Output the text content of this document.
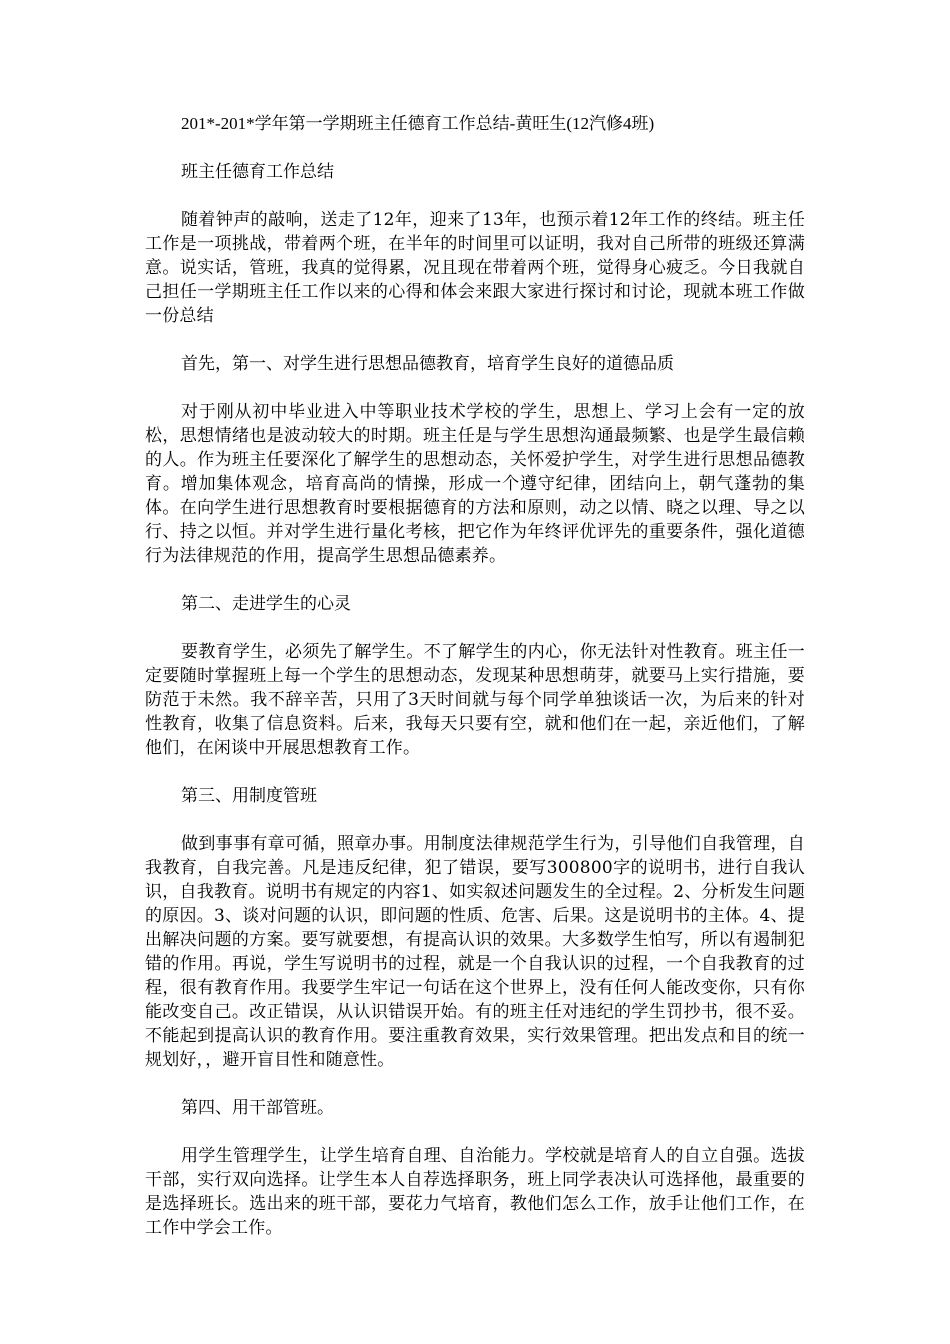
201*-201*学年第一学期班主任德育工作总结-黄旺生(12汽修4班)

班主任德育工作总结

随着钟声的敲响，送走了12年，迎来了13年，也预示着12年工作的终结。班主任工作是一项挑战，带着两个班，在半年的时间里可以证明，我对自己所带的班级还算满意。说实话，管班，我真的觉得累，况且现在带着两个班，觉得身心疲乏。今日我就自己担任一学期班主任工作以来的心得和体会来跟大家进行探讨和讨论，现就本班工作做一份总结

首先，第一、对学生进行思想品德教育，培育学生良好的道德品质

对于刚从初中毕业进入中等职业技术学校的学生，思想上、学习上会有一定的放松，思想情绪也是波动较大的时期。班主任是与学生思想沟通最频繁、也是学生最信赖的人。作为班主任要深化了解学生的思想动态，关怀爱护学生，对学生进行思想品德教育。增加集体观念，培育高尚的情操，形成一个遵守纪律，团结向上，朝气蓬勃的集体。在向学生进行思想教育时要根据德育的方法和原则，动之以情、晓之以理、导之以行、持之以恒。并对学生进行量化考核，把它作为年终评优评先的重要条件，强化道德行为法律规范的作用，提高学生思想品德素养。

第二、走进学生的心灵

要教育学生，必须先了解学生。不了解学生的内心，你无法针对性教育。班主任一定要随时掌握班上每一个学生的思想动态，发现某种思想萌芽，就要马上实行措施，要防范于未然。我不辞辛苦，只用了3天时间就与每个同学单独谈话一次，为后来的针对性教育，收集了信息资料。后来，我每天只要有空，就和他们在一起，亲近他们，了解他们，在闲谈中开展思想教育工作。

第三、用制度管班

做到事事有章可循，照章办事。用制度法律规范学生行为，引导他们自我管理，自我教育，自我完善。凡是违反纪律，犯了错误，要写300800字的说明书，进行自我认识，自我教育。说明书有规定的内容1、如实叙述问题发生的全过程。2、分析发生问题的原因。3、谈对问题的认识，即问题的性质、危害、后果。这是说明书的主体。4、提出解决问题的方案。要写就要想，有提高认识的效果。大多数学生怕写，所以有遏制犯错的作用。再说，学生写说明书的过程，就是一个自我认识的过程，一个自我教育的过程，很有教育作用。我要学生牢记一句话在这个世界上，没有任何人能改变你，只有你能改变自己。改正错误，从认识错误开始。有的班主任对违纪的学生罚抄书，很不妥。不能起到提高认识的教育作用。要注重教育效果，实行效果管理。把出发点和目的统一规划好，，避开盲目性和随意性。

第四、用干部管班。

用学生管理学生，让学生培育自理、自治能力。学校就是培育人的自立自强。选拔干部，实行双向选择。让学生本人自荐选择职务，班上同学表决认可选择他，最重要的是选择班长。选出来的班干部，要花力气培育，教他们怎么工作，放手让他们工作，在工作中学会工作。
